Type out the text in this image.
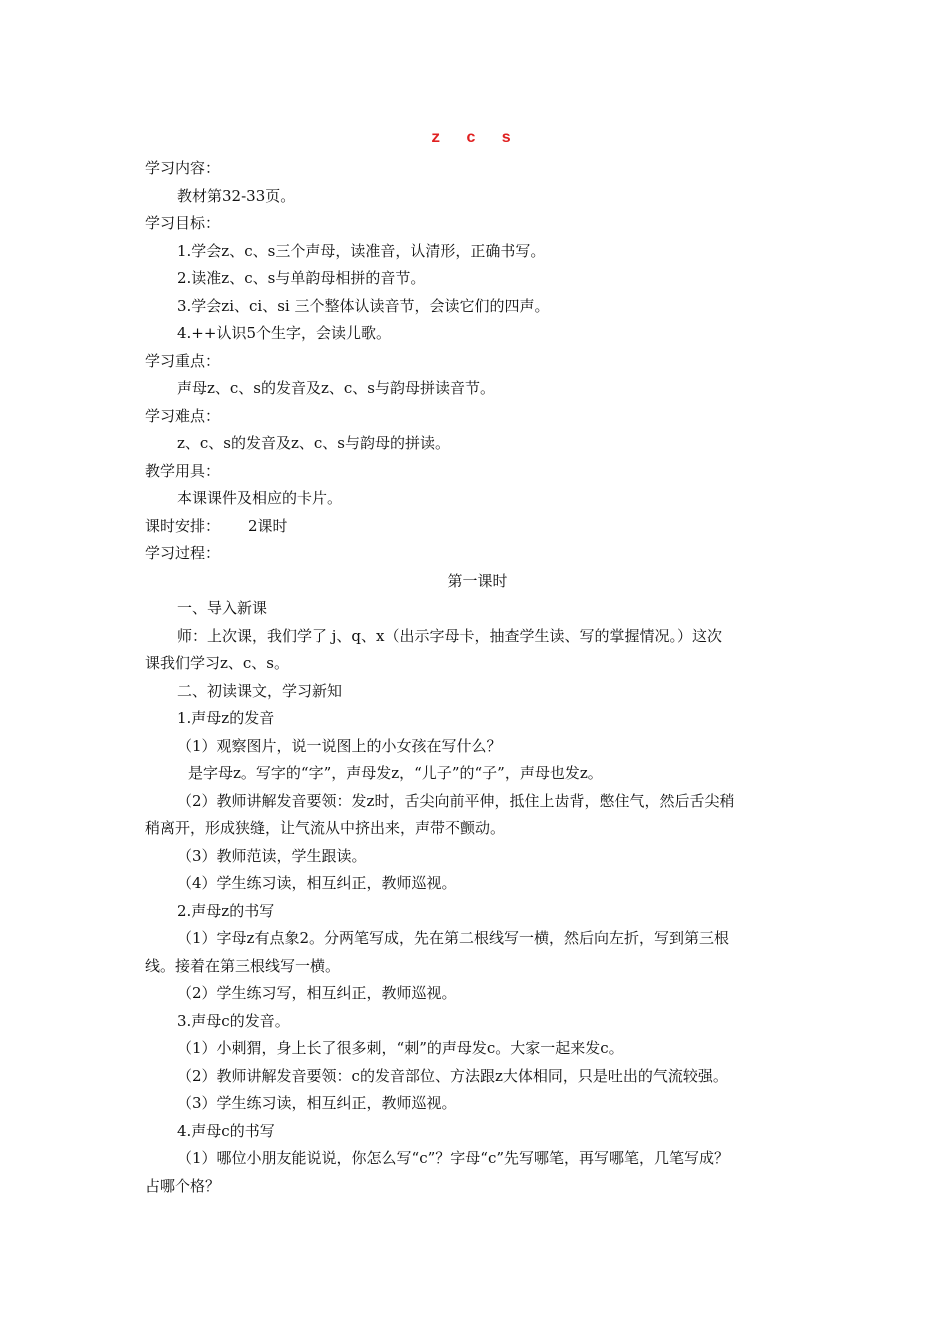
z c s
学习内容：
教材第32-33页。
学习目标：
1.学会z、c、s三个声母，读准音，认清形，正确书写。
2.读准z、c、s与单韵母相拼的音节。
3.学会zi、ci、si 三个整体认读音节，会读它们的四声。
4.++认识5个生字，会读儿歌。
学习重点：
声母z、c、s的发音及z、c、s与韵母拼读音节。
学习难点：
z、c、s的发音及z、c、s与韵母的拼读。
教学用具：
本课课件及相应的卡片。
课时安排： 2课时
学习过程：
第一课时
一、导入新课
师：上次课，我们学了 j、q、x（出示字母卡，抽查学生读、写的掌握情况。）这次
课我们学习z、c、s。
二、初读课文，学习新知
1.声母z的发音
（1）观察图片，说一说图上的小女孩在写什么？
是字母z。写字的“字”，声母发z，“儿子”的“子”，声母也发z。
（2）教师讲解发音要领：发z时，舌尖向前平伸，抵住上齿背，憋住气，然后舌尖稍
稍离开，形成狭缝，让气流从中挤出来，声带不颤动。
（3）教师范读，学生跟读。
（4）学生练习读，相互纠正，教师巡视。
2.声母z的书写
（1）字母z有点象2。分两笔写成，先在第二根线写一横，然后向左折，写到第三根
线。接着在第三根线写一横。
（2）学生练习写，相互纠正，教师巡视。
3.声母c的发音。
（1）小刺猬，身上长了很多刺，“刺”的声母发c。大家一起来发c。
（2）教师讲解发音要领：c的发音部位、方法跟z大体相同，只是吐出的气流较强。
（3）学生练习读，相互纠正，教师巡视。
4.声母c的书写
（1）哪位小朋友能说说，你怎么写“c”？字母“c”先写哪笔，再写哪笔，几笔写成？
占哪个格？
